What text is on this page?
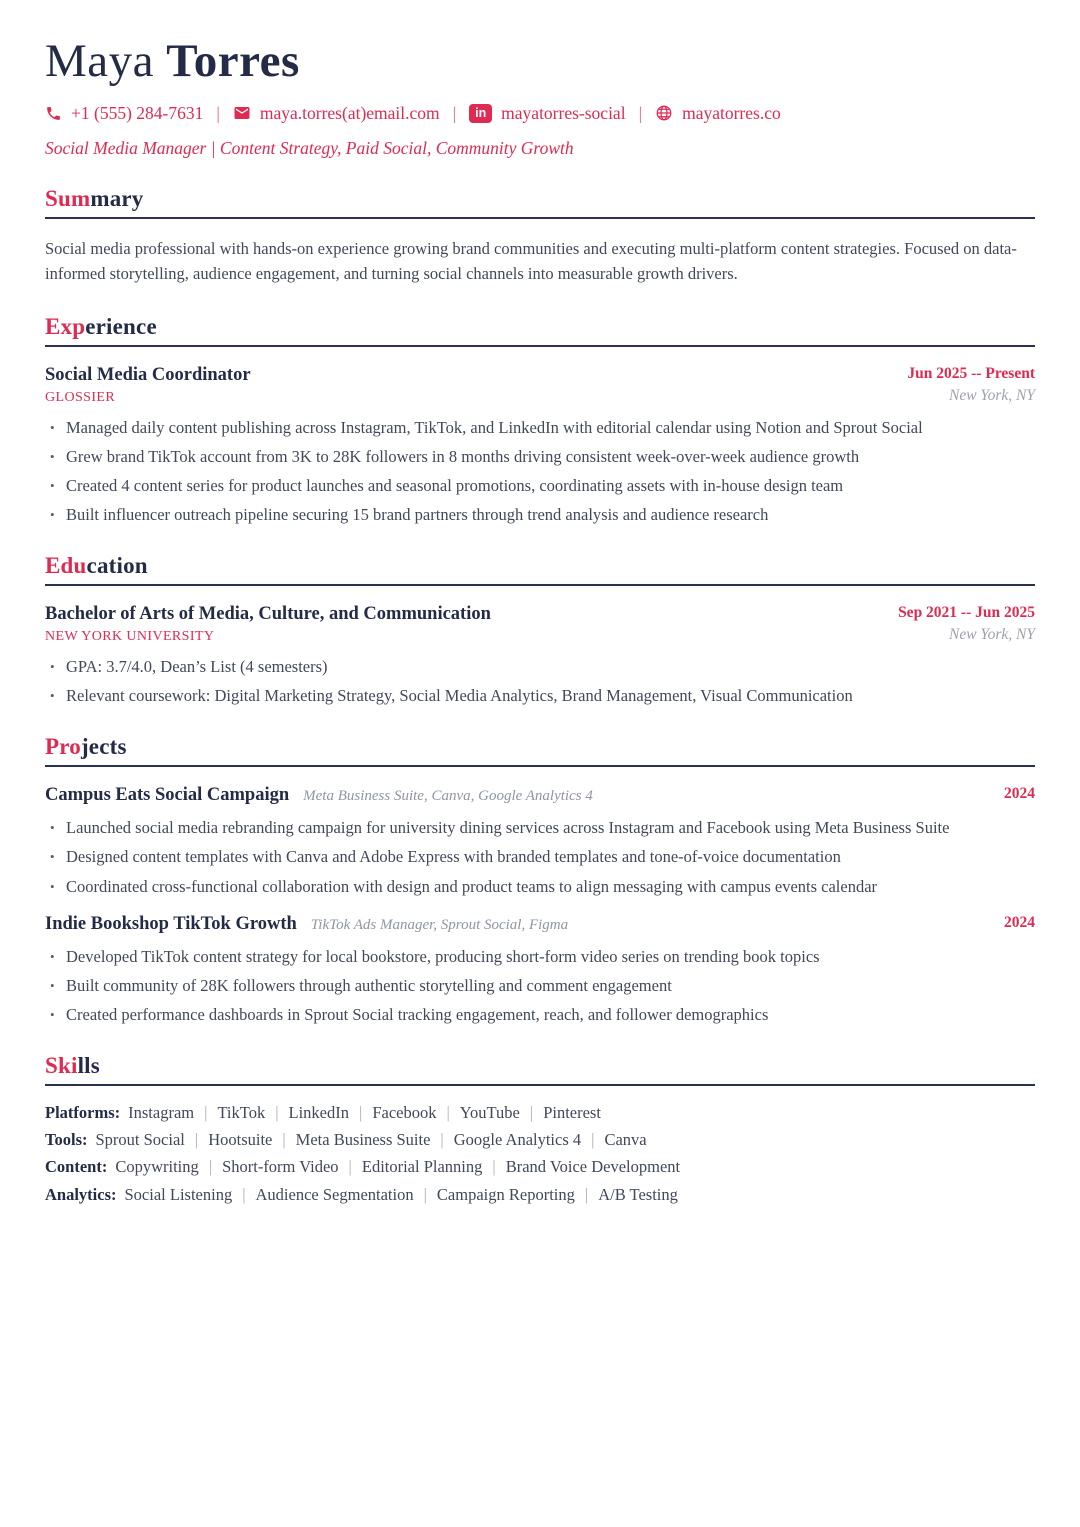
Maya Torres
+1 (555) 284-7631 | maya.torres(at)email.com |	in mayatorres-social | mayatorres.co
Social Media Manager | Content Strategy, Paid Social, Community Growth
Summary

Social media professional with hands-on experience growing brand communities and executing multi-platform content strategies. Focused on data-informed storytelling, audience engagement, and turning social channels into measurable growth drivers.

Experience
Social Media Coordinator
GLOSSIER
Jun 2025 -- Present
New York, NY
• Managed daily content publishing across Instagram, TikTok, and LinkedIn with editorial calendar using Notion and Sprout Social
• Grew brand TikTok account from 3K to 28K followers in 8 months driving consistent week-over-week audience growth
• Created 4 content series for product launches and seasonal promotions, coordinating assets with in-house design team
• Built influencer outreach pipeline securing 15 brand partners through trend analysis and audience research
Education
Bachelor of Arts of Media, Culture, and Communication
NEW YORK UNIVERSITY
Sep 2021 -- Jun 2025
New York, NY
• GPA: 3.7/4.0, Dean’s List (4 semesters)
• Relevant coursework: Digital Marketing Strategy, Social Media Analytics, Brand Management, Visual Communication
Projects
Campus Eats Social Campaign Meta Business Suite, Canva, Google Analytics 4	2024
• Launched social media rebranding campaign for university dining services across Instagram and Facebook using Meta Business Suite
• Designed content templates with Canva and Adobe Express with branded templates and tone-of-voice documentation
• Coordinated cross-functional collaboration with design and product teams to align messaging with campus events calendar
Indie Bookshop TikTok Growth TikTok Ads Manager, Sprout Social, Figma	2024
• Developed TikTok content strategy for local bookstore, producing short-form video series on trending book topics
• Built community of 28K followers through authentic storytelling and comment engagement
• Created performance dashboards in Sprout Social tracking engagement, reach, and follower demographics
Skills
Platforms: Instagram | TikTok | LinkedIn | Facebook | YouTube | Pinterest
Tools: Sprout Social | Hootsuite | Meta Business Suite | Google Analytics 4 | Canva
Content: Copywriting | Short-form Video | Editorial Planning | Brand Voice Development
Analytics: Social Listening | Audience Segmentation | Campaign Reporting | A/B Testing
